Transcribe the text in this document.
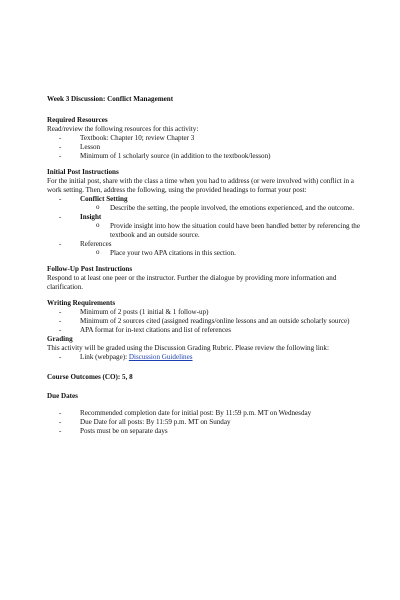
Week 3 Discussion: Conflict Management

Required Resources

Read/review the following resources for this activity:

- Textbook: Chapter 10; review Chapter 3
- Lesson
- Minimum of 1 scholarly source (in addition to the textbook/lesson)

Initial Post Instructions

For the initial post, share with the class a time when you had to address (or were involved with) conflict in a work setting. Then, address the following, using the provided headings to format your post:

- Conflict Setting
o Describe the setting, the people involved, the emotions experienced, and the outcome.
- Insight
o Provide insight into how the situation could have been handled better by referencing the textbook and an outside source.
- References
o Place your two APA citations in this section.

Follow-Up Post Instructions

Respond to at least one peer or the instructor. Further the dialogue by providing more information and clarification.

Writing Requirements

- Minimum of 2 posts (1 initial & 1 follow-up)
- Minimum of 2 sources cited (assigned readings/online lessons and an outside scholarly source)
- APA format for in-text citations and list of references

Grading

This activity will be graded using the Discussion Grading Rubric. Please review the following link:

- Link (webpage): Discussion Guidelines

Course Outcomes (CO): 5, 8

Due Dates

- Recommended completion date for initial post: By 11:59 p.m. MT on Wednesday
- Due Date for all posts: By 11:59 p.m. MT on Sunday
- Posts must be on separate days
